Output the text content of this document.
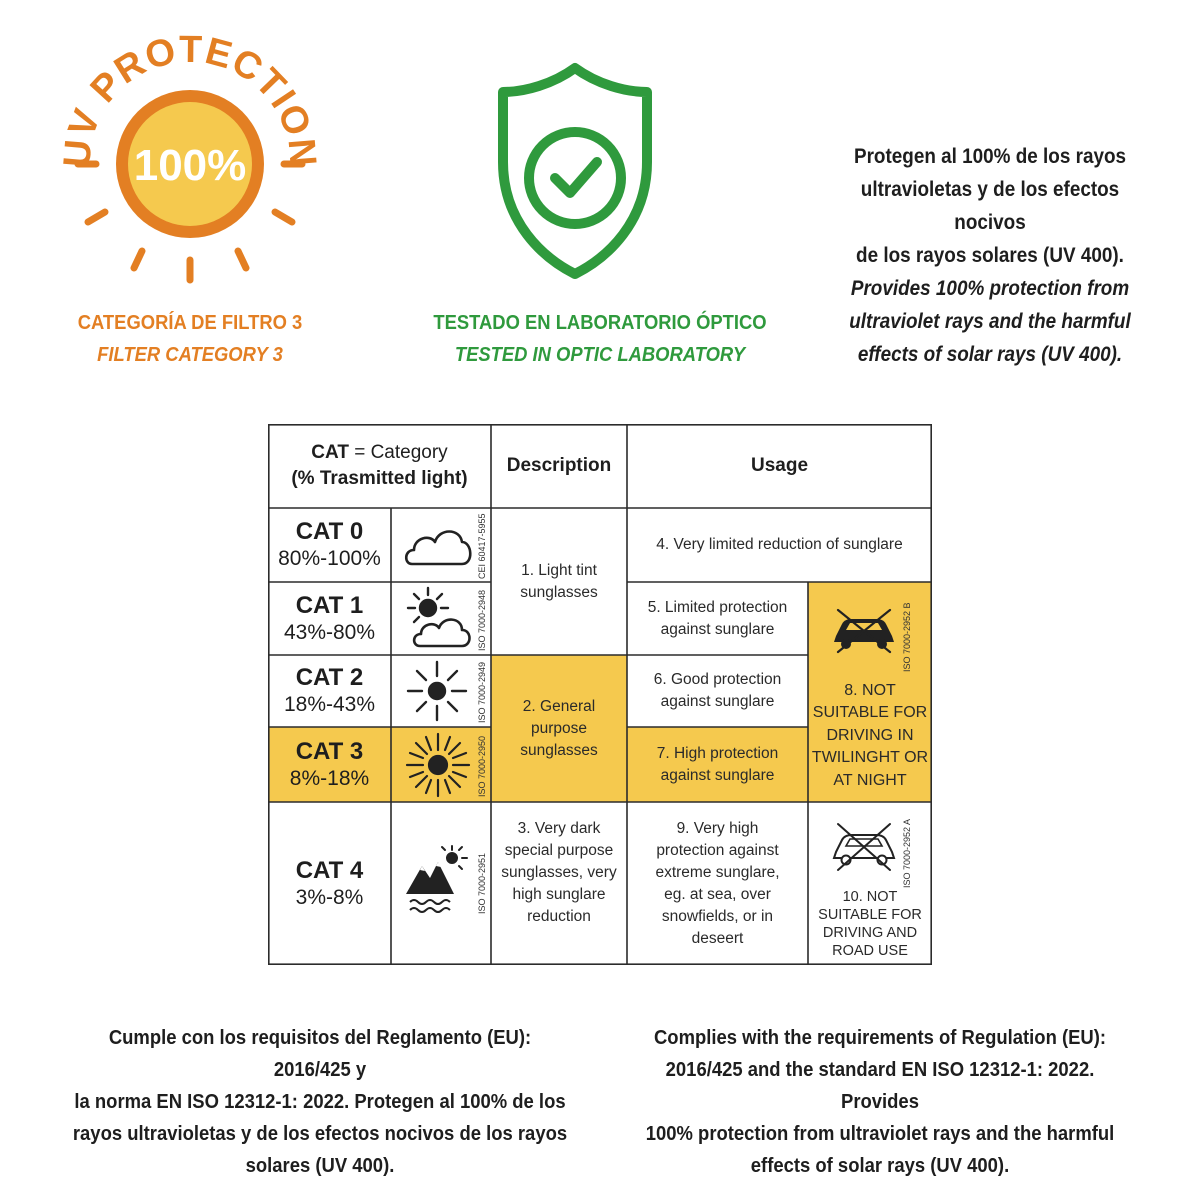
UV PROTECTION
100%
CATEGORÍA DE FILTRO 3
FILTER CATEGORY 3
TESTADO EN LABORATORIO ÓPTICO
TESTED IN OPTIC LABORATORY
Protegen al 100% de los rayos
ultravioletas y de los efectos nocivos
de los rayos solares (UV 400).
Provides 100% protection from
ultraviolet rays and the harmful
effects of solar rays (UV 400).
CAT = Category
(% Trasmitted light)
Description	Usage
CAT 0
80%-100%
CAT 1
43%-80%
CAT 2
18%-43%
CAT 3
8%-18%
CAT 4
3%-8%
CEI 60417-5955
ISO 7000-2948
ISO 7000-2949
ISO 7000-2950
ISO 7000-2951
1. Light tint
sunglasses
2. General
purpose
sunglasses
3. Very dark
special purpose
sunglasses, very
high sunglare
reduction
4. Very limited reduction of sunglare
5. Limited protection
against sunglare
6. Good protection
against sunglare
7. High protection
against sunglare
ISO 7000-2952 B
8. NOT
SUITABLE FOR
DRIVING IN
TWILINGHT OR
AT NIGHT
9. Very high
protection against
extreme sunglare,
eg. at sea, over
snowfields, or in
deseert
ISO 7000-2952 A
10. NOT
SUITABLE FOR
DRIVING AND
ROAD USE
Cumple con los requisitos del Reglamento (EU): 2016/425 y
la norma EN ISO 12312-1: 2022. Protegen al 100% de los
rayos ultravioletas y de los efectos nocivos de los rayos
solares (UV 400).
Complies with the requirements of Regulation (EU):
2016/425 and the standard EN ISO 12312-1: 2022. Provides
100% protection from ultraviolet rays and the harmful
effects of solar rays (UV 400).
